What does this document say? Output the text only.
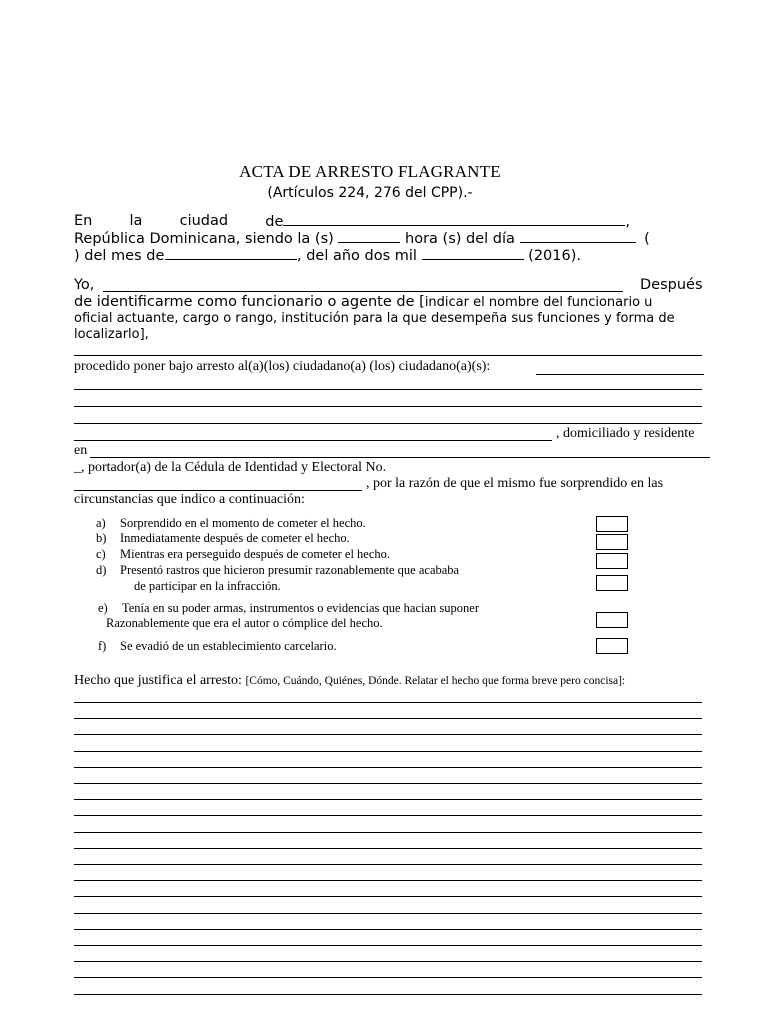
ACTA DE ARRESTO FLAGRANTE
(Artículos 224, 276 del CPP).-
En	la	ciudad	de	,
República Dominicana, siendo la (s)	hora (s) del día	(
) del mes de	, del año dos mil	(2016).
Yo,	Después
de identificarme como funcionario o agente de [indicar el nombre del funcionario u
oficial actuante, cargo o rango, institución para la que desempeña sus funciones y forma de
localizarlo],
procedido poner bajo arresto al(a)(los) ciudadano(a) (los) ciudadano(a)(s):
, domiciliado y residente
en
_, portador(a) de la Cédula de Identidad y Electoral No.
, por la razón de que el mismo fue sorprendido en las
circunstancias que indico a continuación:
a) Sorprendido en el momento de cometer el hecho.
b) Inmediatamente después de cometer el hecho.
c) Mientras era perseguido después de cometer el hecho.
d) Presentó rastros que hicieron presumir razonablemente que acababa
de participar en la infracción.
e) Tenía en su poder armas, instrumentos o evidencias que hacian suponer
Razonablemente que era el autor o cómplice del hecho.
f) Se evadió de un establecimiento carcelario.
Hecho que justifica el arresto: [Cómo, Cuándo, Quiénes, Dónde. Relatar el hecho que forma breve pero concisa]:
